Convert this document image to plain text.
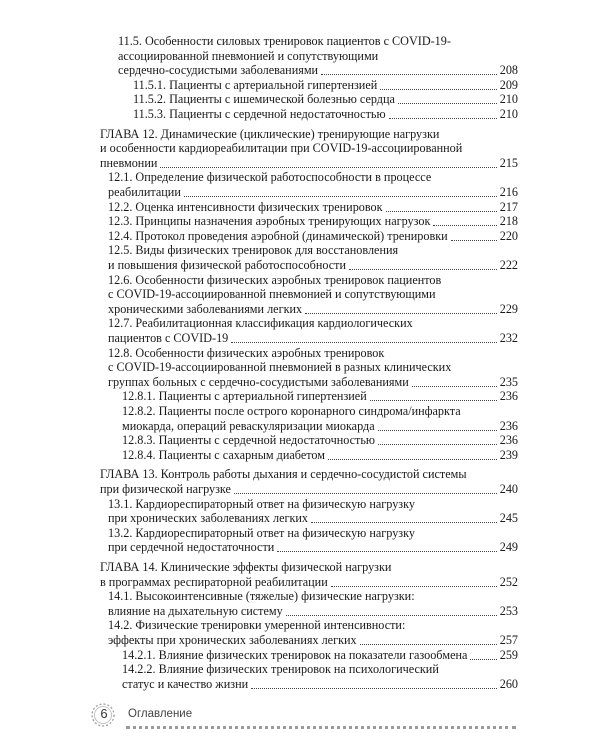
11.5. Особенности силовых тренировок пациентов с COVID-19-
ассоциированной пневмонией и сопутствующими
сердечно-сосудистыми заболеваниями	208
11.5.1. Пациенты с артериальной гипертензией	209
11.5.2. Пациенты с ишемической болезнью сердца	210
11.5.3. Пациенты с сердечной недостаточностью	210
ГЛАВА 12. Динамические (циклические) тренирующие нагрузки
и особенности кардиореабилитации при COVID-19-ассоциированной
пневмонии	215
12.1. Определение физической работоспособности в процессе
реабилитации	216
12.2. Оценка интенсивности физических тренировок	217
12.3. Принципы назначения аэробных тренирующих нагрузок	218
12.4. Протокол проведения аэробной (динамической) тренировки	220
12.5. Виды физических тренировок для восстановления
и повышения физической работоспособности	222
12.6. Особенности физических аэробных тренировок пациентов
с COVID-19-ассоциированной пневмонией и сопутствующими
хроническими заболеваниями легких	229
12.7. Реабилитационная классификация кардиологических
пациентов с COVID-19	232
12.8. Особенности физических аэробных тренировок
с COVID-19-ассоциированной пневмонией в разных клинических
группах больных с сердечно-сосудистыми заболеваниями	235
12.8.1. Пациенты с артериальной гипертензией	236
12.8.2. Пациенты после острого коронарного синдрома/инфаркта
миокарда, операций реваскуляризации миокарда	236
12.8.3. Пациенты с сердечной недостаточностью	236
12.8.4. Пациенты с сахарным диабетом	239
ГЛАВА 13. Контроль работы дыхания и сердечно-сосудистой системы
при физической нагрузке	240
13.1. Кардиореспираторный ответ на физическую нагрузку
при хронических заболеваниях легких	245
13.2. Кардиореспираторный ответ на физическую нагрузку
при сердечной недостаточности	249
ГЛАВА 14. Клинические эффекты физической нагрузки
в программах респираторной реабилитации	252
14.1. Высокоинтенсивные (тяжелые) физические нагрузки:
влияние на дыхательную систему	253
14.2. Физические тренировки умеренной интенсивности:
эффекты при хронических заболеваниях легких	257
14.2.1. Влияние физических тренировок на показатели газообмена	259
14.2.2. Влияние физических тренировок на психологический
статус и качество жизни	260
6	Оглавление
